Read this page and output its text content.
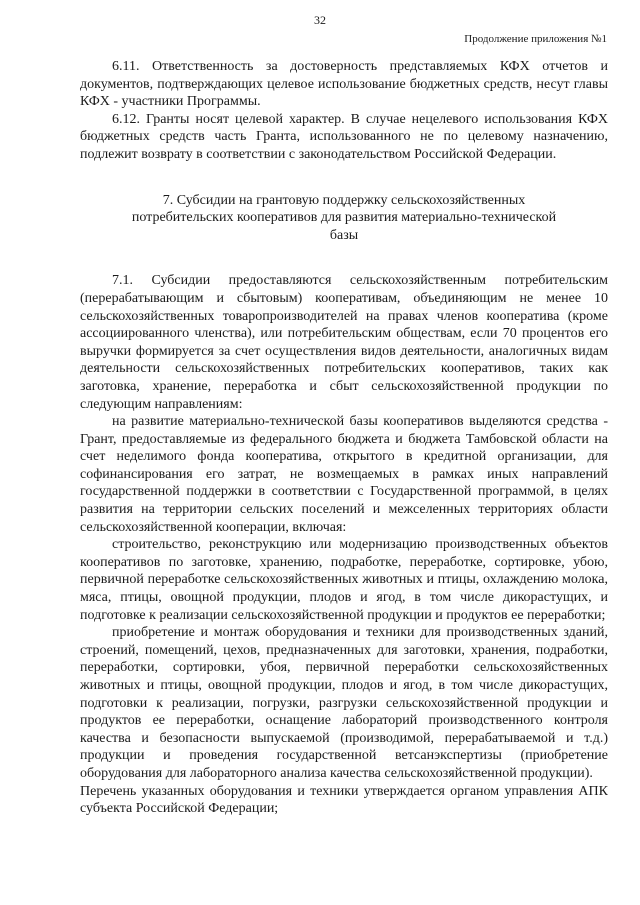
32
Продолжение приложения №1

6.11. Ответственность за достоверность представляемых КФХ отчетов и документов, подтверждающих целевое использование бюджетных средств, несут главы КФХ - участники Программы.

6.12. Гранты носят целевой характер. В случае нецелевого использования КФХ бюджетных средств часть Гранта, использованного не по целевому назначению, подлежит возврату в соответствии с законодательством Российской Федерации.

7. Субсидии на грантовую поддержку сельскохозяйственных потребительских кооперативов для развития материально-технической базы

7.1. Субсидии предоставляются сельскохозяйственным потребительским (перерабатывающим и сбытовым) кооперативам, объединяющим не менее 10 сельскохозяйственных товаропроизводителей на правах членов кооператива (кроме ассоциированного членства), или потребительским обществам, если 70 процентов его выручки формируется за счет осуществления видов деятельности, аналогичных видам деятельности сельскохозяйственных потребительских кооперативов, таких как заготовка, хранение, переработка и сбыт сельскохозяйственной продукции по следующим направлениям:

на развитие материально-технической базы кооперативов выделяются средства - Грант, предоставляемые из федерального бюджета и бюджета Тамбовской области на счет неделимого фонда кооператива, открытого в кредитной организации, для софинансирования его затрат, не возмещаемых в рамках иных направлений государственной поддержки в соответствии с Государственной программой, в целях развития на территории сельских поселений и межселенных территориях области сельскохозяйственной кооперации, включая:

строительство, реконструкцию или модернизацию производственных объектов кооперативов по заготовке, хранению, подработке, переработке, сортировке, убою, первичной переработке сельскохозяйственных животных и птицы, охлаждению молока, мяса, птицы, овощной продукции, плодов и ягод, в том числе дикорастущих, и подготовке к реализации сельскохозяйственной продукции и продуктов ее переработки;

приобретение и монтаж оборудования и техники для производственных зданий, строений, помещений, цехов, предназначенных для заготовки, хранения, подработки, переработки, сортировки, убоя, первичной переработки сельскохозяйственных животных и птицы, овощной продукции, плодов и ягод, в том числе дикорастущих, подготовки к реализации, погрузки, разгрузки сельскохозяйственной продукции и продуктов ее переработки, оснащение лабораторий производственного контроля качества и безопасности выпускаемой (производимой, перерабатываемой и т.д.) продукции и проведения государственной ветсанэкспертизы (приобретение оборудования для лабораторного анализа качества сельскохозяйственной продукции).

Перечень указанных оборудования и техники утверждается органом управления АПК субъекта Российской Федерации;
